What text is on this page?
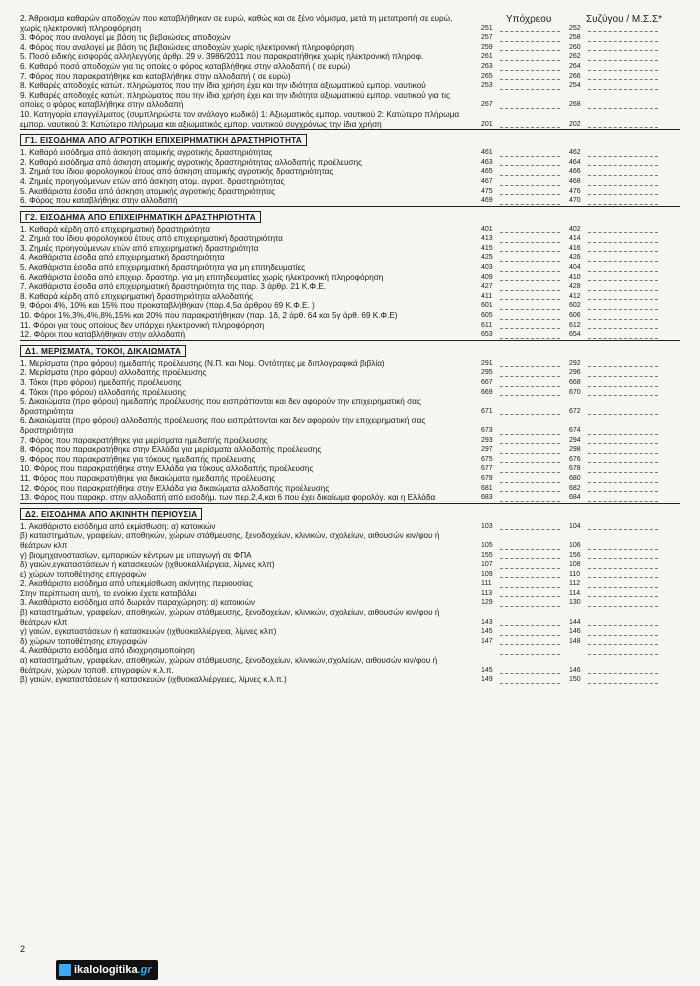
Υπόχρεου	Συζύγου / Μ.Σ.Σ*
2. Άθροισμα καθαρών αποδοχών που καταβλήθηκαν σε ευρώ, καθώς και σε ξένο νόμισμα, μετά τη μετατροπή σε ευρώ, χωρίς ηλεκτρονική πληροφόρηση	251	252
3. Φόρος που αναλογεί με βάση τις βεβαιώσεις αποδοχών	257	258
4. Φόρος που αναλογεί με βάση τις βεβαιώσεις αποδοχών χωρίς ηλεκτρονική πληροφόρηση	259	260
5. Ποσό ειδικής εισφοράς αλληλεγγύης άρθρ. 29 ν. 3986/2011 που παρακρατήθηκε χωρίς ηλεκτρονική πληροφ.	261	262
6. Καθαρό ποσό αποδοχών για τις οποίες ο φόρος καταβλήθηκε στην αλλοδαπή ( σε ευρώ)	263	264
7. Φόρος που παρακρατήθηκε και καταβλήθηκε στην αλλοδαπή ( σε ευρώ)	265	266
8. Καθαρές αποδοχές κατώτ. πληρώματος που την ίδια χρήση έχει και την ιδιότητα αξιωματικού εμπορ. ναυτικού	253	254
9. Καθαρές αποδοχές κατώτ. πληρώματος που την ίδια χρήση έχει και την ιδιότητα αξιωματικού εμπορ. ναυτικού για τις οποίες ο φόρος καταβλήθηκε στην αλλοδαπή	267	268
10. Κατηγορία επαγγέλματος (συμπληρώστε τον ανάλογο κωδικό) 1: Αξιωματικός εμπορ. ναυτικού 2: Κατώτερο πλήρωμα εμπορ. ναυτικού 3: Κατώτερο πλήρωμα και αξιωματικός εμπορ. ναυτικού συγχρόνως την ίδια χρήση	201	202
Γ1. ΕΙΣΟΔΗΜΑ ΑΠΟ ΑΓΡΟΤΙΚΗ ΕΠΙΧΕΙΡΗΜΑΤΙΚΗ ΔΡΑΣΤΗΡΙΟΤΗΤΑ
1. Καθαρό εισόδημα από άσκηση ατομικής αγροτικής δραστηριότητας	461	462
2. Καθαρό εισόδημα από άσκηση ατομικής αγροτικής δραστηριότητας αλλοδαπής προέλευσης	463	464
3. Ζημιά του ίδιου φορολογικού έτους από άσκηση ατομικής αγροτικής δραστηριότητας	465	466
4. Ζημιές προηγούμενων ετών από άσκηση ατομ. αγροτ. δραστηριότητας	467	468
5. Ακαθάριστα έσοδα από άσκηση ατομικής αγροτικής δραστηριότητας	475	476
6. Φόρος που καταβλήθηκε στην αλλοδαπή	469	470
Γ2. ΕΙΣΟΔΗΜΑ ΑΠΟ ΕΠΙΧΕΙΡΗΜΑΤΙΚΗ ΔΡΑΣΤΗΡΙΟΤΗΤΑ
1. Καθαρά κέρδη από επιχειρηματική δραστηριότητα	401	402
2. Ζημιά του ίδιου φορολογικού έτους από επιχειρηματική δραστηριότητα	413	414
3. Ζημιές προηγούμενων ετών από επιχειρηματική δραστηριότητα	415	416
4. Ακαθάριστα έσοδα από επιχειρηματική δραστηριότητα	425	426
5. Ακαθάριστα έσοδα από επιχειρηματική δραστηριότητα για μη επιτηδευματίες	403	404
6. Ακαθάριστα έσοδα από επιχειρ. δραστηρ. για μη επιτηδευματίες χωρίς ηλεκτρονική πληροφόρηση	409	410
7. Ακαθάριστα έσοδα από επιχειρηματική δραστηριότητα της παρ. 3 άρθρ. 21 Κ.Φ.Ε.	427	428
8. Καθαρά κέρδη από επιχειρηματική δραστηριότητα αλλοδαπής	411	412
9. Φόροι 4%, 10% και 15% που προκαταβλήθηκαν (παρ.4,5α άρθρου 69 Κ.Φ.Ε. )	601	602
10. Φόροι 1%,3%,4%,8%,15% και 20% που παρακρατήθηκαν (παρ. 1δ, 2 άρθ. 64 και 5γ άρθ. 69 Κ.Φ.Ε)	605	606
11. Φόροι για τους οποίους δεν υπάρχει ηλεκτρονική πληροφόρηση	611	612
12. Φόροι που καταβλήθηκαν στην αλλοδαπή	653	654
Δ1. ΜΕΡΙΣΜΑΤΑ, ΤΟΚΟΙ, ΔΙΚΑΙΩΜΑΤΑ
1. Μερίσματα (προ φόρου) ημεδαπής προέλευσης (Ν.Π. και Νομ. Οντότητες με διπλογραφικά βιβλία)	291	292
2. Μερίσματα (προ φόρου) αλλοδαπής προέλευσης	295	296
3. Τόκοι (προ φόρου) ημεδαπής προέλευσης	667	668
4. Τόκοι (προ φόρου) αλλοδαπής προέλευσης	669	670
5. Δικαιώματα (προ φόρου) ημεδαπής προέλευσης που εισπράττονται και δεν αφορούν την επιχειρηματική σας δραστηριότητα	671	672
6. Δικαιώματα (προ φόρου) αλλοδαπής προέλευσης που εισπράττονται και δεν αφορούν την επιχειρηματική σας δραστηριότητα	673	674
7. Φόρος που παρακρατήθηκε για μερίσματα ημεδαπής προέλευσης	293	294
8. Φόρος που παρακρατήθηκε στην Ελλάδα για μερίσματα αλλοδαπής προέλευσης	297	298
9. Φόρος που παρακρατήθηκε για τόκους ημεδαπής προέλευσης	675	676
10. Φόρος που παρακρατήθηκε στην Ελλάδα για τόκους αλλοδαπής προέλευσης	677	678
11. Φόρος που παρακρατήθηκε για δικαιώματα ημεδαπής προέλευσης	679	680
12. Φόρος που παρακρατήθηκε στην Ελλάδα για δικαιώματα αλλοδαπής προέλευσης	681	682
13. Φόρος που παρακρ. στην αλλοδαπή από εισοδήμ. των περ.2,4,και 6 που έχει δικαίωμα φορολόγ. και η Ελλάδα	683	684
Δ2. ΕΙΣΟΔΗΜΑ ΑΠΟ ΑΚΙΝΗΤΗ ΠΕΡΙΟΥΣΙΑ
1. Ακαθάριστο εισόδημα από εκμίσθωση: α) κατοικιών	103	104
β) καταστημάτων, γραφείων, αποθηκών, χώρων στάθμευσης, ξενοδοχείων, κλινικών, σχολείων, αιθουσών κιν/φου ή θεάτρων κλπ	105	106
γ) βιομηχανοστασίων, εμπορικών κέντρων με υπαγωγή σε ΦΠΑ	155	156
δ) γαιών,εγκαταστάσεων ή κατασκευών (ιχθυοκαλλιέργεια, λίμνες κλπ)	107	108
ε) χώρων τοποθέτησης επιγραφών	109	110
2. Ακαθάριστο εισόδημα από υπεκμίσθωση ακίνητης περιουσίας	111	112
Στην περίπτωση αυτή, το ενοίκιο έχετε καταβάλει	113	114
3. Ακαθάριστο εισόδημα από δωρεάν παραχώρηση: α) κατοικιών	129	130
β) καταστημάτων, γραφείων, αποθηκών, χώρων στάθμευσης, ξενοδοχείων, κλινικών, σχολείων, αιθουσών κιν/φου ή θεάτρων κλπ	143	144
γ) γαιών, εγκαταστάσεων ή κατασκευών (ιχθυοκαλλιέργεια, λίμνες κλπ)	145	146
δ) χώρων τοποθέτησης επιγραφών	147	148
4. Ακαθάριστο εισόδημα από ιδιοχρησιμοποίηση
α) καταστημάτων, γραφείων, αποθηκών, χώρων στάθμευσης, ξενοδοχείων, κλινικών,σχολείων, αιθουσών κιν/φου ή θεάτρων, χώρων τοποθ. επιγραφών κ.λ.π.	145	146
β) γαιών, εγκαταστάσεων ή κατασκευών (ιχθυοκαλλιέργειες, λίμνες κ.λ.π.)	149	150
2
ikalologitika .gr
